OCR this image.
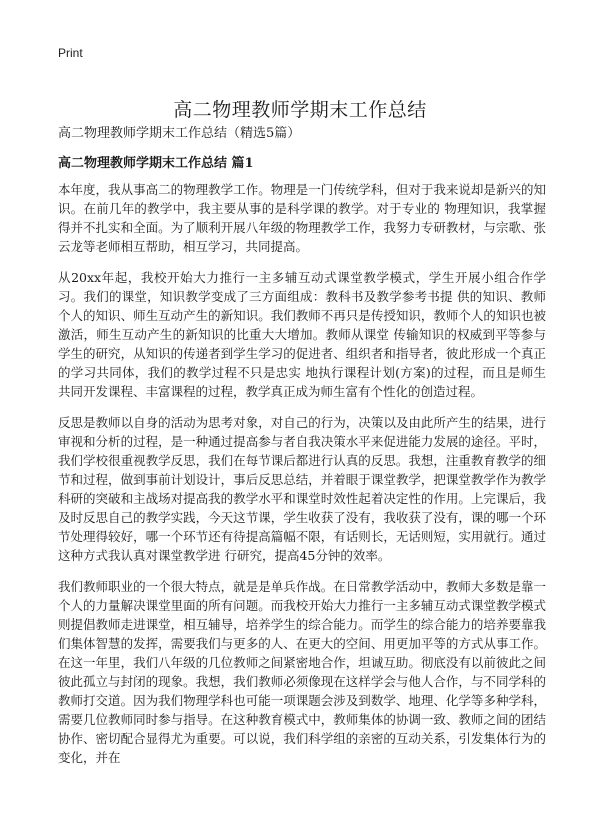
Print
高二物理教师学期末工作总结
高二物理教师学期末工作总结（精选5篇）
高二物理教师学期末工作总结 篇1

本年度，我从事高二的物理教学工作。物理是一门传统学科，但对于我来说却是新兴的知识。在前几年的教学中，我主要从事的是科学课的教学。对于专业的 物理知识，我掌握得并不扎实和全面。为了顺利开展八年级的物理教学工作，我努力专研教材，与宗歌、张云龙等老师相互帮助，相互学习，共同提高。

从20xx年起，我校开始大力推行一主多辅互动式课堂教学模式，学生开展小组合作学习。我们的课堂，知识教学变成了三方面组成：教科书及教学参考书提 供的知识、教师个人的知识、师生互动产生的新知识。我们教师不再只是传授知识，教师个人的知识也被激活，师生互动产生的新知识的比重大大增加。教师从课堂 传输知识的权威到平等参与学生的研究，从知识的传递者到学生学习的促进者、组织者和指导者，彼此形成一个真正的学习共同体，我们的教学过程不只是忠实 地执行课程计划(方案)的过程，而且是师生共同开发课程、丰富课程的过程，教学真正成为师生富有个性化的创造过程。

反思是教师以自身的活动为思考对象，对自己的行为，决策以及由此所产生的结果，进行审视和分析的过程，是一种通过提高参与者自我决策水平来促进能力发展的途径。平时，我们学校很重视教学反思，我们在每节课后都进行认真的反思。我想，注重教育教学的细节和过程，做到事前计划设计，事后反思总结，并着眼于课堂教学，把课堂教学作为教学科研的突破和主战场对提高我的教学水平和课堂时效性起着决定性的作用。上完课后，我及时反思自己的教学实践，今天这节课，学生收获了没有，我收获了没有，课的哪一个环节处理得较好，哪一个环节还有待提高篇幅不限，有话则长，无话则短，实用就行。通过这种方式我认真对课堂教学进 行研究，提高45分钟的效率。

我们教师职业的一个很大特点，就是是单兵作战。在日常教学活动中，教师大多数是靠一个人的力量解决课堂里面的所有问题。而我校开始大力推行一主多辅互动式课堂教学模式则提倡教师走进课堂，相互辅导，培养学生的综合能力。而学生的综合能力的培养要靠我们集体智慧的发挥，需要我们与更多的人、在更大的空间、用更加平等的方式从事工作。在这一年里，我们八年级的几位教师之间紧密地合作，坦诚互助。彻底没有以前彼此之间彼此孤立与封闭的现象。我想，我们教师必须像现在这样学会与他人合作，与不同学科的教师打交道。因为我们物理学科也可能一项课题会涉及到数学、地理、化学等多种学科，需要几位教师同时参与指导。在这种教育模式中，教师集体的协调一致、教师之间的团结协作、密切配合显得尤为重要。可以说，我们科学组的亲密的互动关系，引发集体行为的变化，并在
